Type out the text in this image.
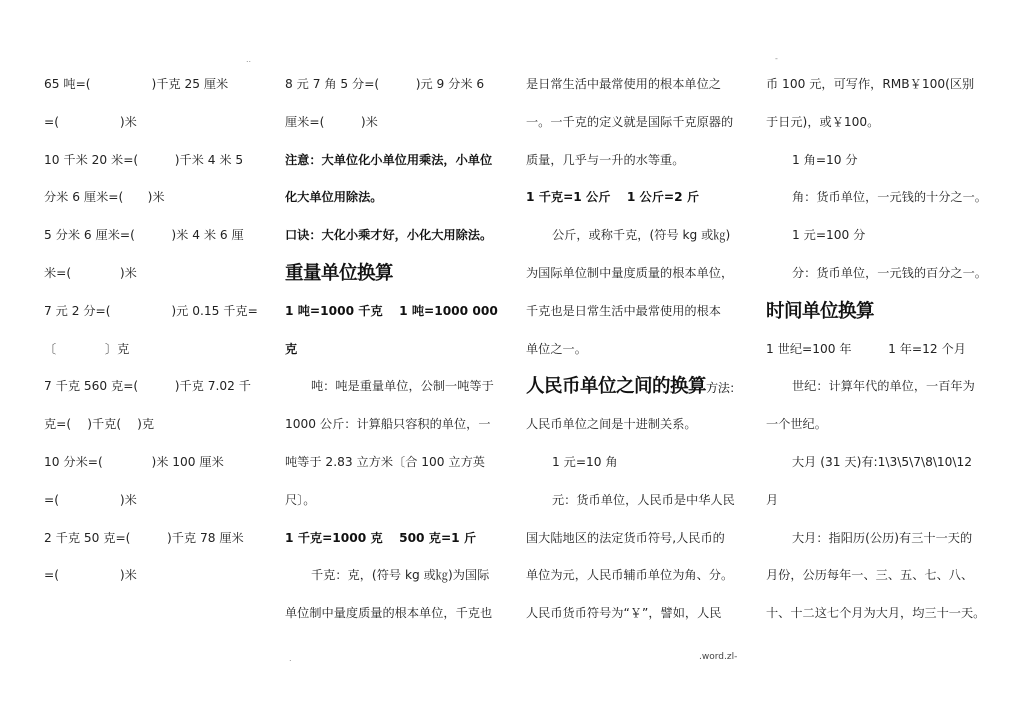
..	-
65 吨=(　　　　　)千克 25 厘米
=(　　　　　)米
10 千米 20 米=(　　　)千米 4 米 5
分米 6 厘米=(　　)米
5 分米 6 厘米=(　　　)米 4 米 6 厘
米=(　　　　)米
7 元 2 分=(　　　　　)元 0.15 千克=
〔　　　　〕克
7 千克 560 克=(　　　)千克 7.02 千
克=(　 )千克(　 )克
10 分米=(　　　　)米 100 厘米
=(　　　　　)米
2 千克 50 克=(　　　)千克 78 厘米
=(　　　　　)米
8 元 7 角 5 分=(　　　)元 9 分米 6
厘米=(　　　)米
注意：大单位化小单位用乘法，小单位
化大单位用除法。
口诀：大化小乘才好，小化大用除法。
重量单位换算
1 吨=1000 千克　 1 吨=1000 000
克
吨：吨是重量单位，公制一吨等于
1000 公斤：计算船只容积的单位，一
吨等于 2.83 立方米〔合 100 立方英
尺〕。
1 千克=1000 克　 500 克=1 斤
千克：克，(符号 kg 或㎏)为国际
单位制中量度质量的根本单位，千克也
是日常生活中最常使用的根本单位之
一。一千克的定义就是国际千克原器的
质量，几乎与一升的水等重。
1 千克=1 公斤　 1 公斤=2 斤
公斤，或称千克，(符号 kg 或㎏)
为国际单位制中量度质量的根本单位，
千克也是日常生活中最常使用的根本
单位之一。
人民币单位之间的换算方法：
人民币单位之间是十进制关系。
1 元=10 角
元：货币单位，人民币是中华人民
国大陆地区的法定货币符号,人民币的
单位为元，人民币辅币单位为角、分。
人民币货币符号为“￥”，譬如，人民
币 100 元，可写作，RMB￥100(区别
于日元)，或￥100。
1 角=10 分
角：货币单位，一元钱的十分之一。
1 元=100 分
分：货币单位，一元钱的百分之一。
时间单位换算
1 世纪=100 年　　　1 年=12 个月
世纪：计算年代的单位，一百年为
一个世纪。
大月 (31 天)有:1\3\5\7\8\10\12
月
大月：指阳历(公历)有三十一天的
月份，公历每年一、三、五、七、八、
十、十二这七个月为大月，均三十一天。
.	.word.zl-
